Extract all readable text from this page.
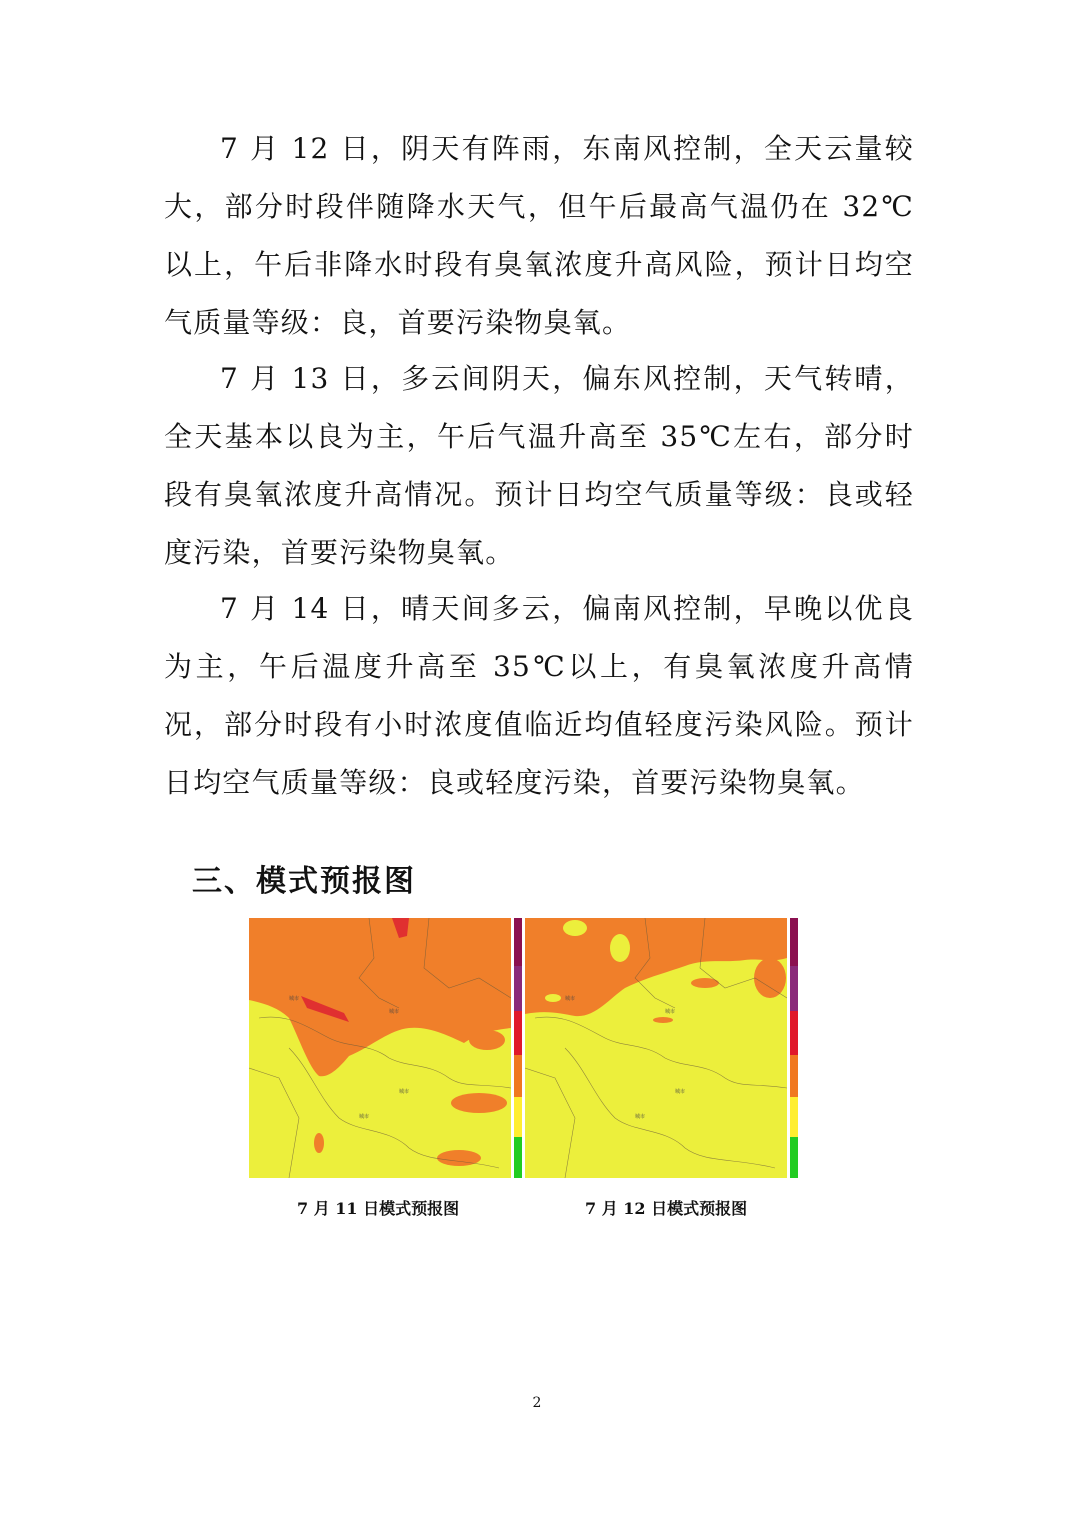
7 月 12 日，阴天有阵雨，东南风控制，全天云量较大，部分时段伴随降水天气，但午后最高气温仍在 32℃以上，午后非降水时段有臭氧浓度升高风险，预计日均空气质量等级：良，首要污染物臭氧。
7 月 13 日，多云间阴天，偏东风控制，天气转晴，全天基本以良为主，午后气温升高至 35℃左右，部分时段有臭氧浓度升高情况。预计日均空气质量等级：良或轻度污染，首要污染物臭氧。
7 月 14 日，晴天间多云，偏南风控制，早晚以优良为主，午后温度升高至 35℃以上，有臭氧浓度升高情况，部分时段有小时浓度值临近均值轻度污染风险。预计日均空气质量等级：良或轻度污染，首要污染物臭氧。
三、模式预报图
城市
城市
城市
城市
城市
城市
城市
城市
7 月 11 日模式预报图	7 月 12 日模式预报图
2
